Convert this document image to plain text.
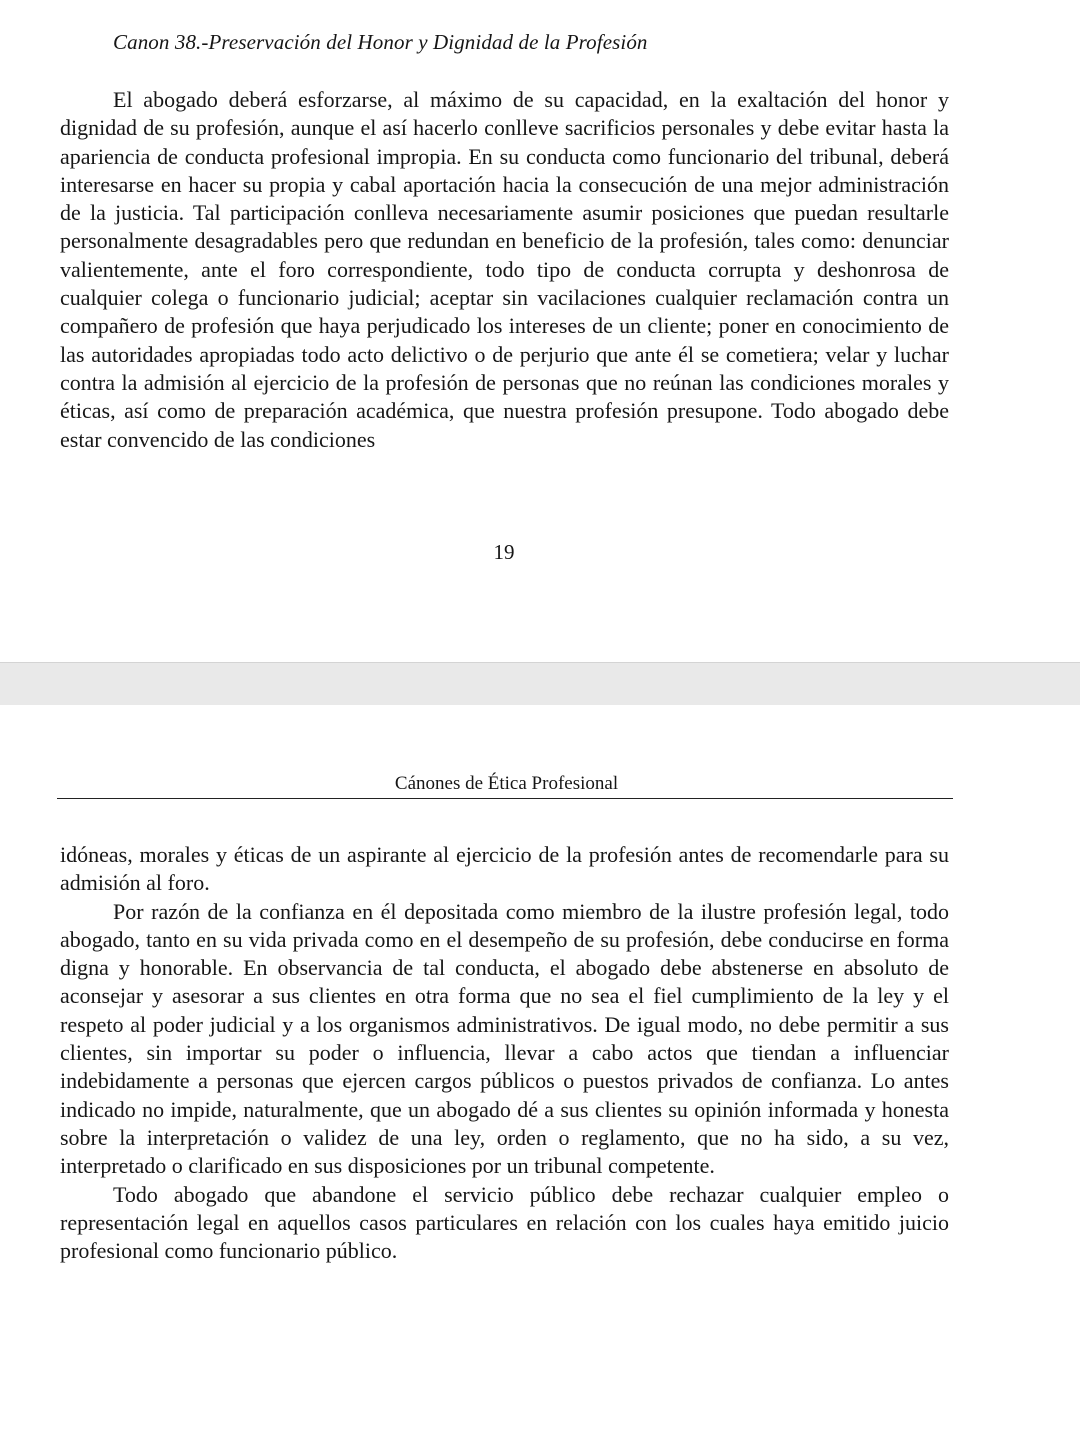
Canon 38.-Preservación del Honor y Dignidad de la Profesión

El abogado deberá esforzarse, al máximo de su capacidad, en la exaltación del honor y dignidad de su profesión, aunque el así hacerlo conlleve sacrificios personales y debe evitar hasta la apariencia de conducta profesional impropia. En su conducta como funcionario del tribunal, deberá interesarse en hacer su propia y cabal aportación hacia la consecución de una mejor administración de la justicia. Tal participación conlleva necesariamente asumir posiciones que puedan resultarle personalmente desagradables pero que redundan en beneficio de la profesión, tales como: denunciar valientemente, ante el foro correspondiente, todo tipo de conducta corrupta y deshonrosa de cualquier colega o funcionario judicial; aceptar sin vacilaciones cualquier reclamación contra un compañero de profesión que haya perjudicado los intereses de un cliente; poner en conocimiento de las autoridades apropiadas todo acto delictivo o de perjurio que ante él se cometiera; velar y luchar contra la admisión al ejercicio de la profesión de personas que no reúnan las condiciones morales y éticas, así como de preparación académica, que nuestra profesión presupone. Todo abogado debe estar convencido de las condiciones

19
Cánones de Ética Profesional

idóneas, morales y éticas de un aspirante al ejercicio de la profesión antes de recomendarle para su admisión al foro.

Por razón de la confianza en él depositada como miembro de la ilustre profesión legal, todo abogado, tanto en su vida privada como en el desempeño de su profesión, debe conducirse en forma digna y honorable. En observancia de tal conducta, el abogado debe abstenerse en absoluto de aconsejar y asesorar a sus clientes en otra forma que no sea el fiel cumplimiento de la ley y el respeto al poder judicial y a los organismos administrativos. De igual modo, no debe permitir a sus clientes, sin importar su poder o influencia, llevar a cabo actos que tiendan a influenciar indebidamente a personas que ejercen cargos públicos o puestos privados de confianza. Lo antes indicado no impide, naturalmente, que un abogado dé a sus clientes su opinión informada y honesta sobre la interpretación o validez de una ley, orden o reglamento, que no ha sido, a su vez, interpretado o clarificado en sus disposiciones por un tribunal competente.

Todo abogado que abandone el servicio público debe rechazar cualquier empleo o representación legal en aquellos casos particulares en relación con los cuales haya emitido juicio profesional como funcionario público.
